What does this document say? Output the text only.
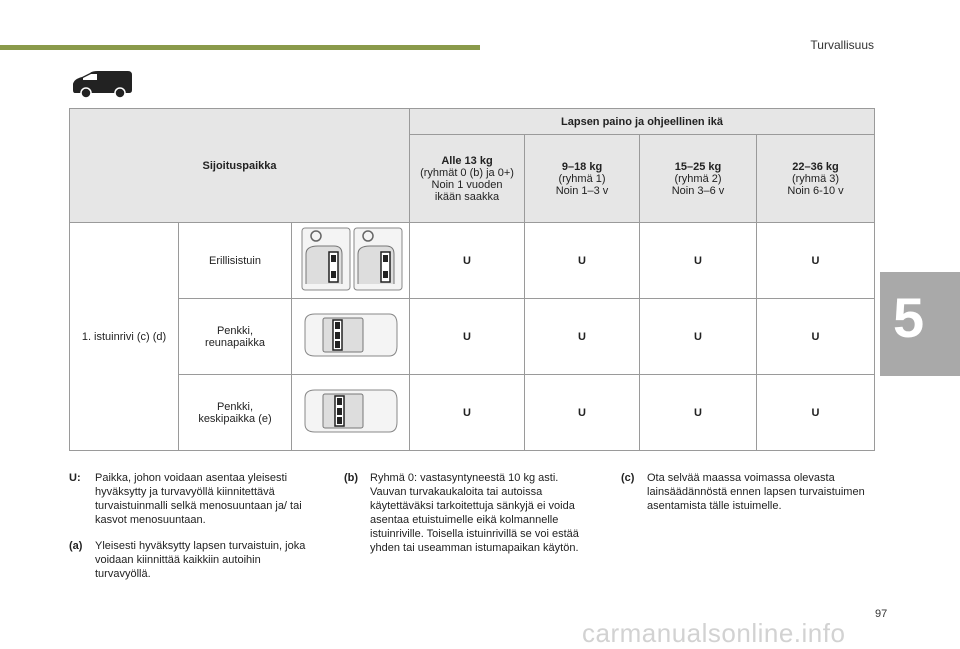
Turvallisuus
5
Sijoituspaikka			Lapsen paino ja ohjeellinen ikä			
			Alle 13 kg
(ryhmät 0 (b) ja 0+)
Noin 1 vuoden
ikään saakka	9–18 kg
(ryhmä 1)
Noin 1–3 v	15–25 kg
(ryhmä 2)
Noin 3–6 v	22–36 kg
(ryhmä 3)
Noin 6-10 v
1. istuinrivi (c) (d)	Erillisistuin		U	U	U	U
	Penkki,
reunapaikka		U	U	U	U
	Penkki,
keskipaikka (e)		U	U	U	U
U: Paikka, johon voidaan asentaa yleisesti hyväksytty ja turvavyöllä kiinnitettävä turvaistuinmalli selkä menosuuntaan ja/ tai kasvot menosuuntaan.
(a) Yleisesti hyväksytty lapsen turvaistuin, joka voidaan kiinnittää kaikkiin autoihin turvavyöllä.
(b) Ryhmä 0: vastasyntyneestä 10 kg asti. Vauvan turvakaukaloita tai autoissa käytettäväksi tarkoitettuja sänkyjä ei voida asentaa etuistuimelle eikä kolmannelle istuinriville. Toisella istuinrivillä se voi estää yhden tai useamman istumapaikan käytön.
(c) Ota selvää maassa voimassa olevasta lainsäädännöstä ennen lapsen turvaistuimen asentamista tälle istuimelle.
97
carmanualsonline.info
